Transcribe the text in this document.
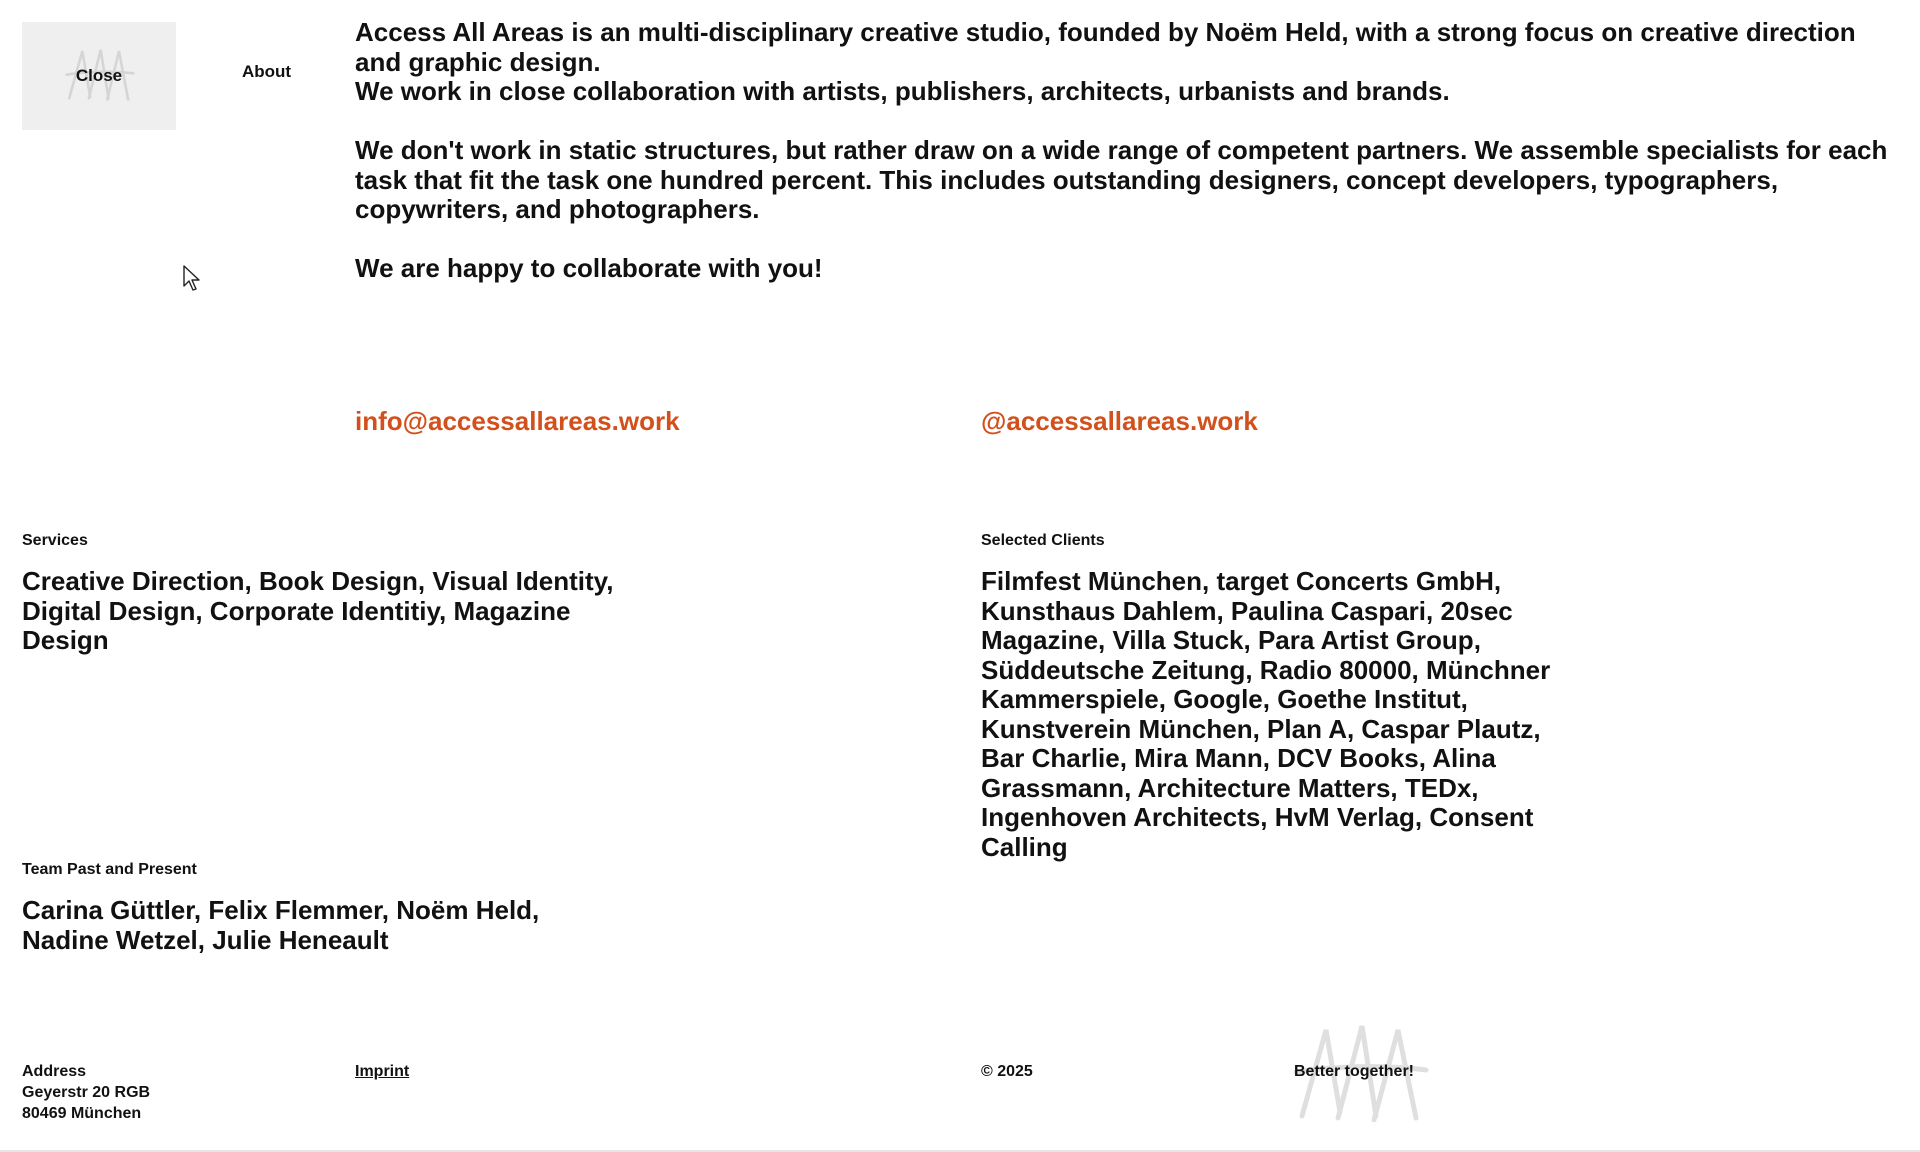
Close	About

Access All Areas is an multi-disciplinary creative studio, founded by Noëm Held, with a strong focus on creative direction and graphic design.
We work in close collaboration with artists, publishers, architects, urbanists and brands.

We don't work in static structures, but rather draw on a wide range of competent partners. We assemble specialists for each task that fit the task one hundred percent. This includes outstanding designers, concept developers, typographers, copywriters, and photographers.

We are happy to collaborate with you!

info@accessallareas.work	@accessallareas.work
Services
Creative Direction, Book Design, Visual Identity, Digital Design, Corporate Identitiy, Magazine Design
Selected Clients
Filmfest München, target Concerts GmbH, Kunsthaus Dahlem, Paulina Caspari, 20sec Magazine, Villa Stuck, Para Artist Group, Süddeutsche Zeitung, Radio 80000, Münchner Kammerspiele, Google, Goethe Institut, Kunstverein München, Plan A, Caspar Plautz, Bar Charlie, Mira Mann, DCV Books, Alina Grassmann, Architecture Matters, TEDx, Ingenhoven Architects, HvM Verlag, Consent Calling
Team Past and Present
Carina Güttler, Felix Flemmer, Noëm Held, Nadine Wetzel, Julie Heneault
Address
Geyerstr 20 RGB
80469 München
Imprint	© 2025	Better together!
